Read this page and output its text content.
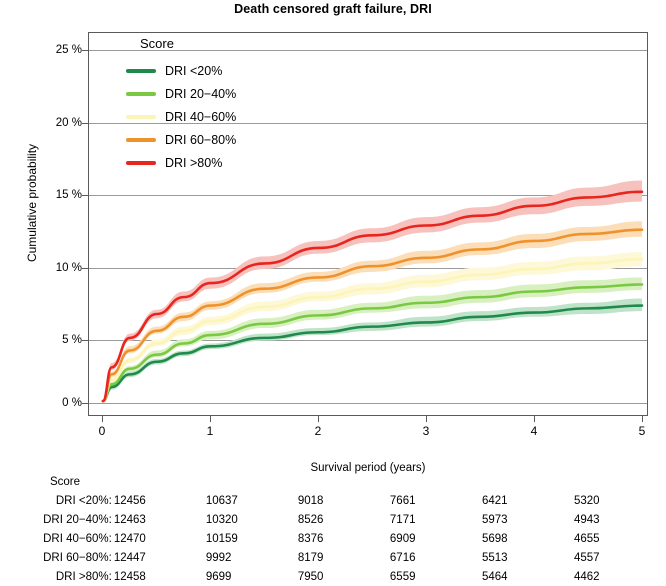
Death censored graft failure, DRI
Cumulative probability
25 %
20 %
15 %
10 %
5 %
0 %
0	1	2	3	4	5
Survival period (years)
Score
DRI <20%
DRI 20−40%
DRI 40−60%
DRI 60−80%
DRI >80%
Score
DRI <20%: 12456	10637	9018	7661	6421	5320
DRI 20−40%: 12463	10320	8526	7171	5973	4943
DRI 40−60%: 12470	10159	8376	6909	5698	4655
DRI 60−80%: 12447	9992	8179	6716	5513	4557
DRI >80%: 12458	9699	7950	6559	5464	4462
